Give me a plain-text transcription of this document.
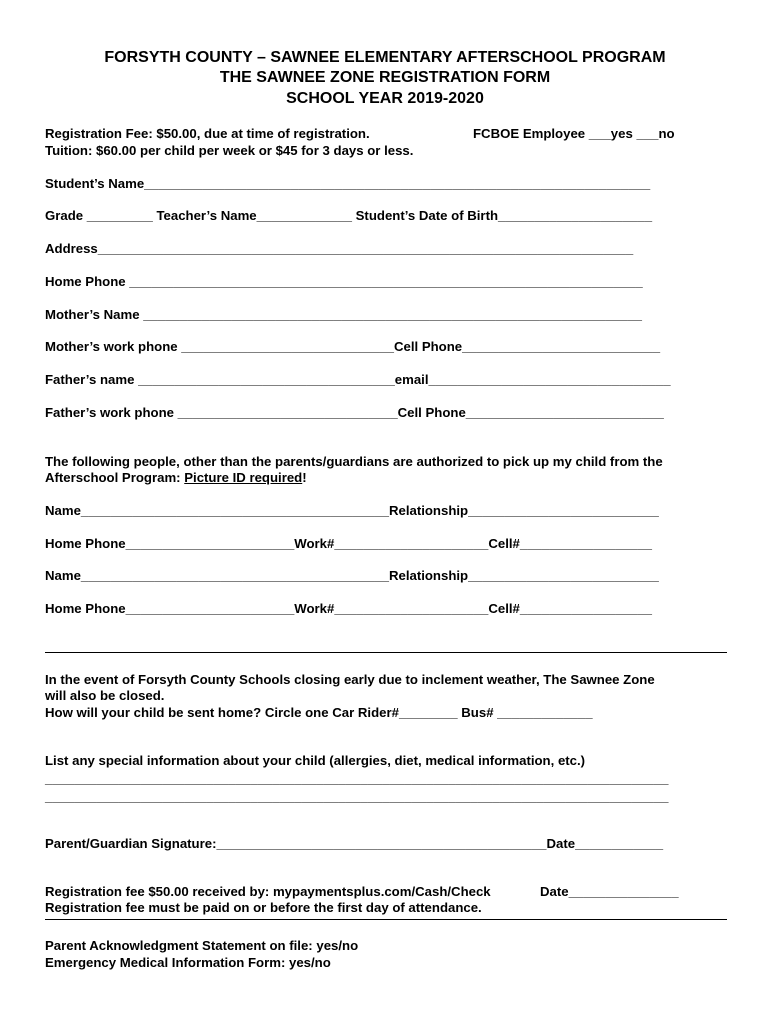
FORSYTH COUNTY – SAWNEE ELEMENTARY AFTERSCHOOL PROGRAM
THE SAWNEE ZONE REGISTRATION FORM
SCHOOL YEAR 2019-2020
Registration Fee: $50.00, due at time of registration.	FCBOE Employee ___yes ___no
Tuition: $60.00 per child per week or $45 for 3 days or less.
Student’s Name_____________________________________________________________________
Grade _________ Teacher’s Name_____________ Student’s Date of Birth_____________________
Address_________________________________________________________________________
Home Phone ______________________________________________________________________
Mother’s Name ____________________________________________________________________
Mother’s work phone _____________________________Cell Phone___________________________
Father’s name ___________________________________email_________________________________
Father’s work phone ______________________________Cell Phone___________________________
The following people, other than the parents/guardians are authorized to pick up my child from the
Afterschool Program: Picture ID required!
Name__________________________________________Relationship__________________________
Home Phone_______________________Work#_____________________Cell#__________________
Name__________________________________________Relationship__________________________
Home Phone_______________________Work#_____________________Cell#__________________
In the event of Forsyth County Schools closing early due to inclement weather, The Sawnee Zone
will also be closed.
How will your child be sent home? Circle one Car Rider#________ Bus# _____________
List any special information about your child (allergies, diet, medical information, etc.)
_____________________________________________________________________________________
_____________________________________________________________________________________
Parent/Guardian Signature:_____________________________________________Date____________
Registration fee $50.00 received by: mypaymentsplus.com/Cash/Check	Date_______________
Registration fee must be paid on or before the first day of attendance.
Parent Acknowledgment Statement on file: yes/no
Emergency Medical Information Form: yes/no
